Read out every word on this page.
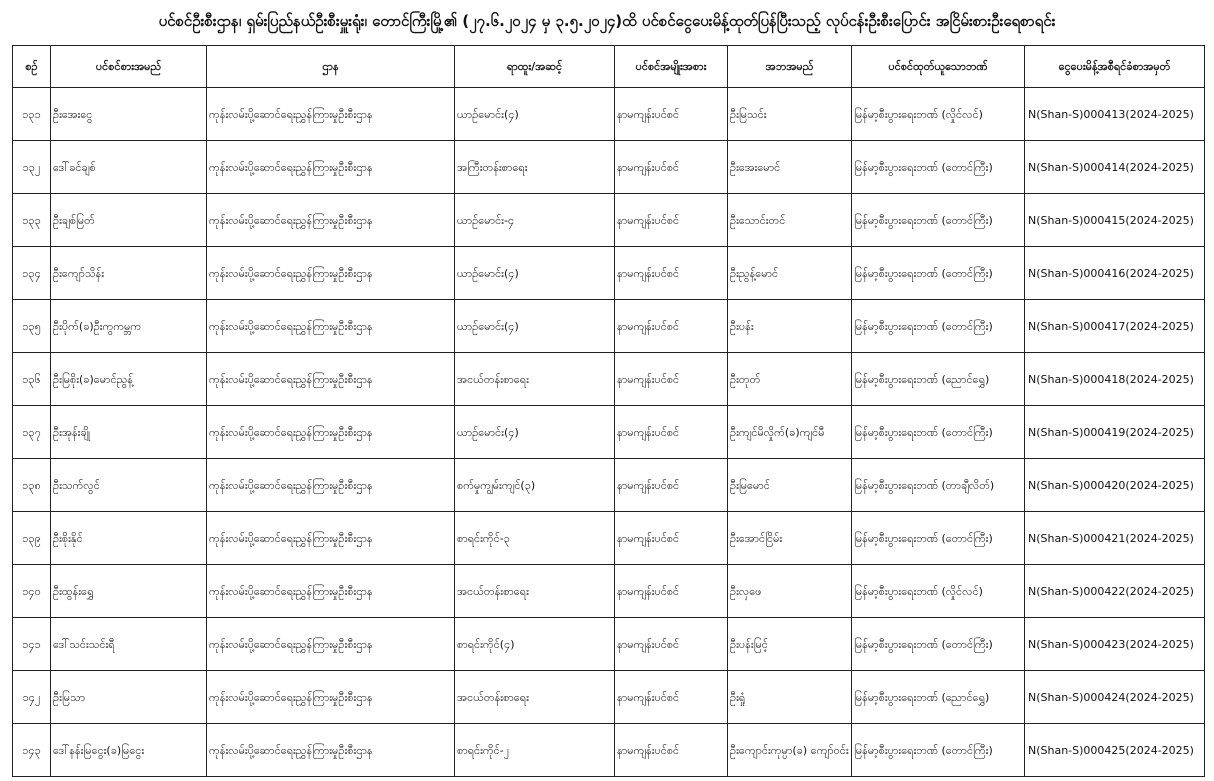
ပင်စင်ဦးစီးဌာန၊ ရှမ်းပြည်နယ်ဦးစီးမှူးရုံး၊ တောင်ကြီးမြို့၏ (၂၇.၆.၂၀၂၄ မှ ၃.၅.၂၀၂၄)ထိ ပင်စင်ငွေပေးမိန့်ထုတ်ပြန်ပြီးသည့် လုပ်ငန်းဦးစီးပြောင်း အငြိမ်းစားဦးရေစာရင်း
စဉ်	ပင်စင်စားအမည်	ဌာန	ရာထူး/အဆင့်	ပင်စင်အမျိုးအစား	အဘအမည်	ပင်စင်ထုတ်ယူသောဘဏ်	ငွေပေးမိန့်အစီရင်ခံစာအမှတ်
၁၃၁	ဦးအေးငွေ	ကုန်းလမ်းပို့ဆောင်ရေးညွှန်ကြားမှုဦးစီးဌာန	ယာဉ်မောင်း(၄)	နာမကျန်းပင်စင်	ဦးမြသင်း	မြန်မာ့စီးပွားရေးဘဏ် (လှိုင်လင်)	N(Shan-S)000413(2024-2025)
၁၃၂	ဒေါ်ခင်ချစ်	ကုန်းလမ်းပို့ဆောင်ရေးညွှန်ကြားမှုဦးစီးဌာန	အကြီးတန်းစာရေး	နာမကျန်းပင်စင်	ဦးအေးမောင်	မြန်မာ့စီးပွားရေးဘဏ် (တောင်ကြီး)	N(Shan-S)000414(2024-2025)
၁၃၃	ဦးချစ်မြတ်	ကုန်းလမ်းပို့ဆောင်ရေးညွှန်ကြားမှုဦးစီးဌာန	ယာဉ်မောင်း-၄	နာမကျန်းပင်စင်	ဦးသောင်းတင်	မြန်မာ့စီးပွားရေးဘဏ် (တောင်ကြီး)	N(Shan-S)000415(2024-2025)
၁၃၄	ဦးကျော်သိန်း	ကုန်းလမ်းပို့ဆောင်ရေးညွှန်ကြားမှုဦးစီးဌာန	ယာဉ်မောင်း(၄)	နာမကျန်းပင်စင်	ဦးညွန့်မောင်	မြန်မာ့စီးပွားရေးဘဏ် (တောင်ကြီး)	N(Shan-S)000416(2024-2025)
၁၃၅	ဦးပိုက်(ခ)ဦးကွကမ္ဘက	ကုန်းလမ်းပို့ဆောင်ရေးညွှန်ကြားမှုဦးစီးဌာန	ယာဉ်မောင်း(၄)	နာမကျန်းပင်စင်	ဦးပန်း	မြန်မာ့စီးပွားရေးဘဏ် (တောင်ကြီး)	N(Shan-S)000417(2024-2025)
၁၃၆	ဦးမြစိုး(ခ)မောင်ညွန့်	ကုန်းလမ်းပို့ဆောင်ရေးညွှန်ကြားမှုဦးစီးဌာန	အငယ်တန်းစာရေး	နာမကျန်းပင်စင်	ဦးတုတ်	မြန်မာ့စီးပွားရေးဘဏ် (ညောင်ရွှေ)	N(Shan-S)000418(2024-2025)
၁၃၇	ဦးအုန်းချို	ကုန်းလမ်းပို့ဆောင်ရေးညွှန်ကြားမှုဦးစီးဌာန	ယာဉ်မောင်း(၄)	နာမကျန်းပင်စင်	ဦးကျင်မိလှိုက်(ခ)ကျင်မီ	မြန်မာ့စီးပွားရေးဘဏ် (တောင်ကြီး)	N(Shan-S)000419(2024-2025)
၁၃၈	ဦးသက်လွင်	ကုန်းလမ်းပို့ဆောင်ရေးညွှန်ကြားမှုဦးစီးဌာန	စက်မှုကျွမ်းကျင်(၃)	နာမကျန်းပင်စင်	ဦးမြမောင်	မြန်မာ့စီးပွားရေးဘဏ် (တာချီလိတ်)	N(Shan-S)000420(2024-2025)
၁၃၉	ဦးစိုးနိုင်	ကုန်းလမ်းပို့ဆောင်ရေးညွှန်ကြားမှုဦးစီးဌာန	စာရင်းကိုင်-၃	နာမကျန်းပင်စင်	ဦးအောင်ငြိမ်း	မြန်မာ့စီးပွားရေးဘဏ် (တောင်ကြီး)	N(Shan-S)000421(2024-2025)
၁၄၀	ဦးထွန်းရွှေ	ကုန်းလမ်းပို့ဆောင်ရေးညွှန်ကြားမှုဦးစီးဌာန	အငယ်တန်းစာရေး	နာမကျန်းပင်စင်	ဦးလှဖေ	မြန်မာ့စီးပွားရေးဘဏ် (လှိုင်လင်)	N(Shan-S)000422(2024-2025)
၁၄၁	ဒေါ်သင်းသင်းရီ	ကုန်းလမ်းပို့ဆောင်ရေးညွှန်ကြားမှုဦးစီးဌာန	စာရင်းကိုင်(၄)	နာမကျန်းပင်စင်	ဦးပန်းမြင့်	မြန်မာ့စီးပွားရေးဘဏ် (တောင်ကြီး)	N(Shan-S)000423(2024-2025)
၁၄၂	ဦးမြသာ	ကုန်းလမ်းပို့ဆောင်ရေးညွှန်ကြားမှုဦးစီးဌာန	အငယ်တန်းစာရေး	နာမကျန်းပင်စင်	ဦးရှုံ	မြန်မာ့စီးပွားရေးဘဏ် (ညောင်ရွှေ)	N(Shan-S)000424(2024-2025)
၁၄၃	ဒေါ်နန်းမြငွေး(ခ)မြငွေး	ကုန်းလမ်းပို့ဆောင်ရေးညွှန်ကြားမှုဦးစီးဌာန	စာရင်းကိုင်-၂	နာမကျန်းပင်စင်	ဦးကျောင်းကုမ္ပာ(ခ) ကျော်ဝင်း	မြန်မာ့စီးပွားရေးဘဏ် (တောင်ကြီး)	N(Shan-S)000425(2024-2025)
